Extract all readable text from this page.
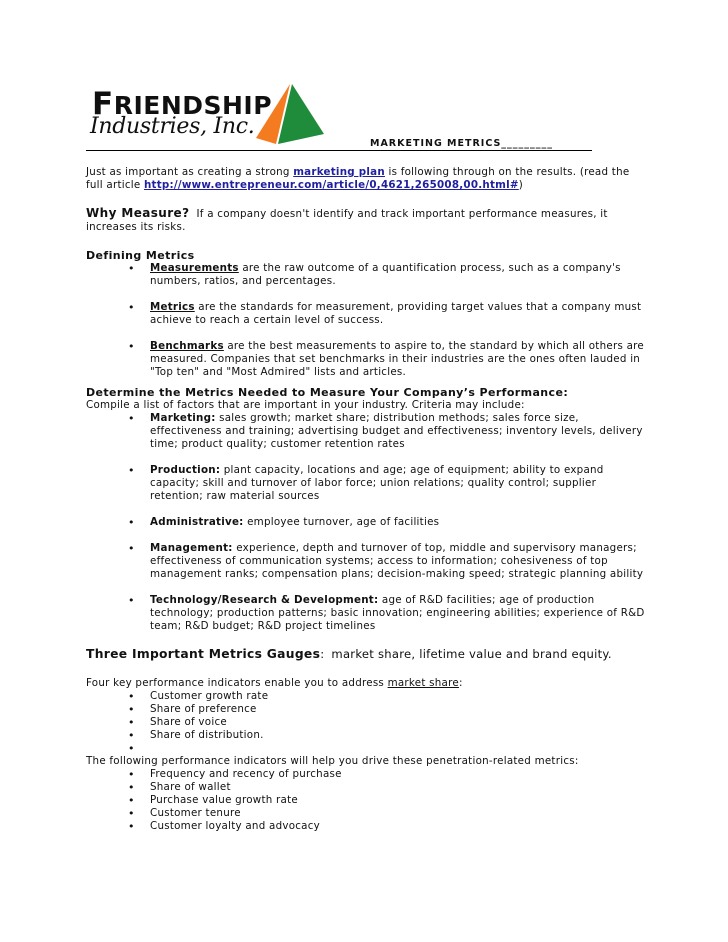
FRIENDSHIP
Industries, Inc.
MARKETING METRICS_________

Just as important as creating a strong marketing plan is following through on the results. (read the full article http://www.entrepreneur.com/article/0,4621,265008,00.html#)

Why Measure? If a company doesn't identify and track important performance measures, it increases its risks.

Defining Metrics

• Measurements are the raw outcome of a quantification process, such as a company's numbers, ratios, and percentages.
• Metrics are the standards for measurement, providing target values that a company must achieve to reach a certain level of success.
• Benchmarks are the best measurements to aspire to, the standard by which all others are measured. Companies that set benchmarks in their industries are the ones often lauded in "Top ten" and "Most Admired" lists and articles.

Determine the Metrics Needed to Measure Your Company’s Performance:

Compile a list of factors that are important in your industry. Criteria may include:

• Marketing: sales growth; market share; distribution methods; sales force size, effectiveness and training; advertising budget and effectiveness; inventory levels, delivery time; product quality; customer retention rates
• Production: plant capacity, locations and age; age of equipment; ability to expand capacity; skill and turnover of labor force; union relations; quality control; supplier retention; raw material sources
• Administrative: employee turnover, age of facilities
• Management: experience, depth and turnover of top, middle and supervisory managers; effectiveness of communication systems; access to information; cohesiveness of top management ranks; compensation plans; decision-making speed; strategic planning ability
• Technology/Research & Development: age of R&D facilities; age of production technology; production patterns; basic innovation; engineering abilities; experience of R&D team; R&D budget; R&D project timelines

Three Important Metrics Gauges: market share, lifetime value and brand equity.

Four key performance indicators enable you to address market share:

• Customer growth rate
• Share of preference
• Share of voice
• Share of distribution.
•

The following performance indicators will help you drive these penetration-related metrics:

• Frequency and recency of purchase
• Share of wallet
• Purchase value growth rate
• Customer tenure
• Customer loyalty and advocacy
